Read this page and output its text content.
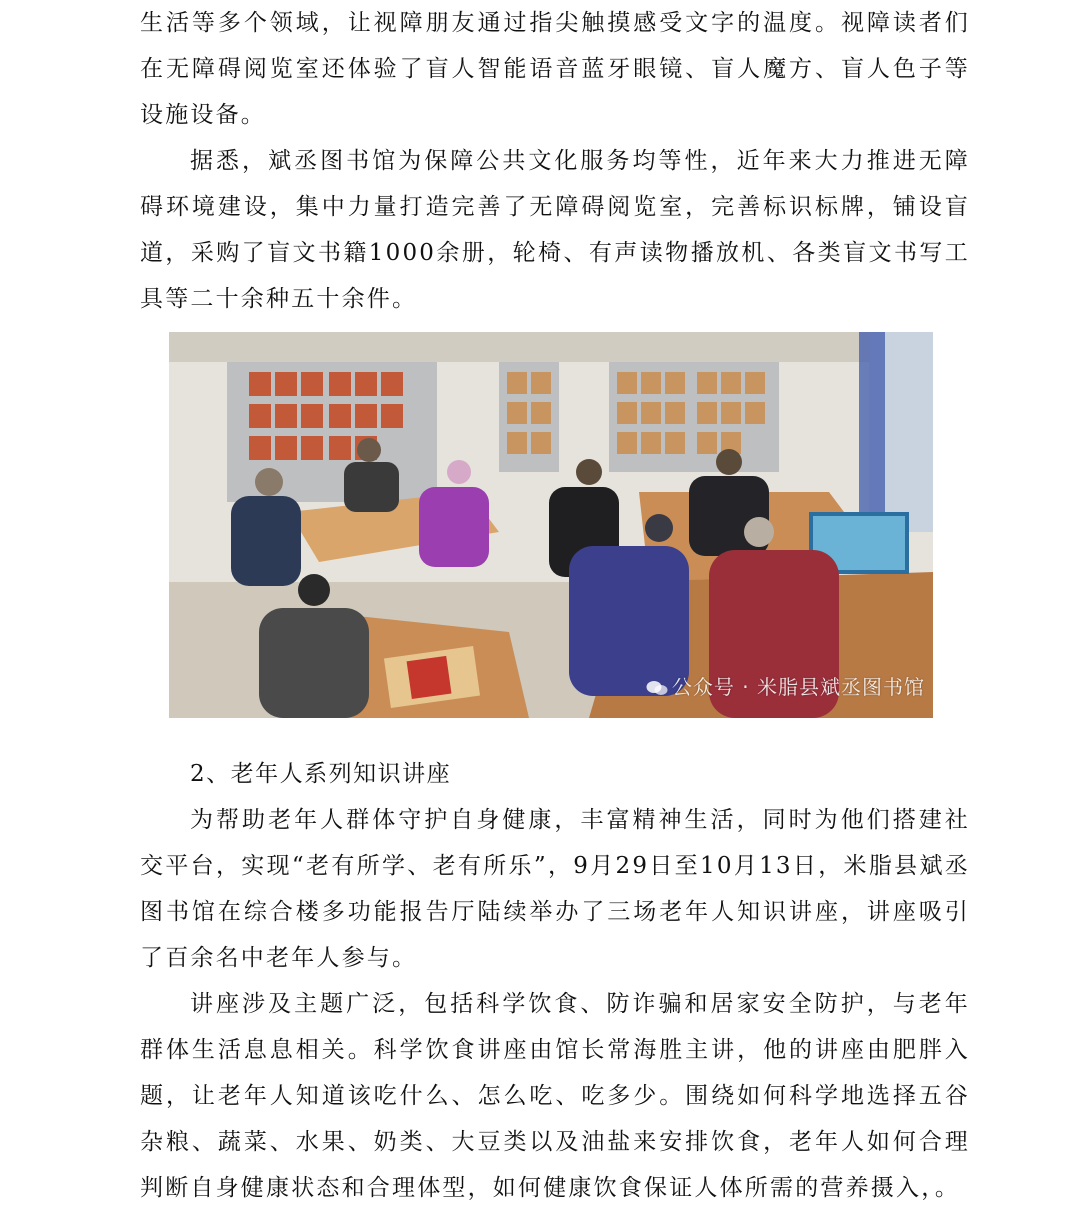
生活等多个领域，让视障朋友通过指尖触摸感受文字的温度。视障读者们在无障碍阅览室还体验了盲人智能语音蓝牙眼镜、盲人魔方、盲人色子等设施设备。

据悉，斌丞图书馆为保障公共文化服务均等性，近年来大力推进无障碍环境建设，集中力量打造完善了无障碍阅览室，完善标识标牌，铺设盲道，采购了盲文书籍1000余册，轮椅、有声读物播放机、各类盲文书写工具等二十余种五十余件。

公众号 · 米脂县斌丞图书馆

2、老年人系列知识讲座

为帮助老年人群体守护自身健康，丰富精神生活，同时为他们搭建社交平台，实现“老有所学、老有所乐”，9月29日至10月13日，米脂县斌丞图书馆在综合楼多功能报告厅陆续举办了三场老年人知识讲座，讲座吸引了百余名中老年人参与。

讲座涉及主题广泛，包括科学饮食、防诈骗和居家安全防护，与老年群体生活息息相关。科学饮食讲座由馆长常海胜主讲，他的讲座由肥胖入题，让老年人知道该吃什么、怎么吃、吃多少。围绕如何科学地选择五谷杂粮、蔬菜、水果、奶类、大豆类以及油盐来安排饮食，老年人如何合理判断自身健康状态和合理体型，如何健康饮食保证人体所需的营养摄入，。
